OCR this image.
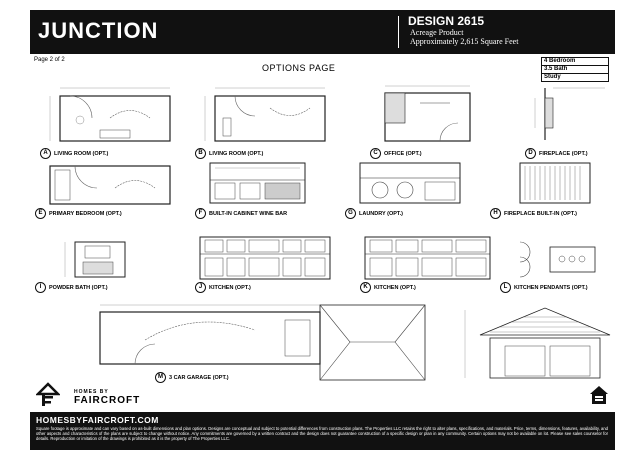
JUNCTION	DESIGN 2615
Acreage Product
Approximately 2,615 Square Feet
Page 2 of 2
OPTIONS PAGE
4 Bedroom
3.5 Bath
Study
A	LIVING ROOM (OPT.)	B	LIVING ROOM (OPT.)	C	OFFICE (OPT.)	D	FIREPLACE (OPT.)
E	PRIMARY BEDROOM (OPT.)	F	BUILT-IN CABINET WINE BAR	G	LAUNDRY (OPT.)	H	FIREPLACE BUILT-IN (OPT.)
I	POWDER BATH (OPT.)	J	KITCHEN (OPT.)	K	KITCHEN (OPT.)	L	KITCHEN PENDANTS (OPT.)
M	3 CAR GARAGE (OPT.)
HOMES BY
FAIRCROFT
HOMESBYFAIRCROFT.COM
Square footage is approximate and can vary based on as-built dimensions and plan options. Designs are conceptual and subject to potential differences from construction plans. The Properties LLC retains the right to alter plans, specifications, and materials. Price, terms, dimensions, features, availability, and other aspects and characteristics of the plans are subject to change without notice. Any commitments are governed by a written contract and the design does not guarantee construction of a specific design or plan in any community. Certain options may not be available on lot. Please see sales counselor for details. Reproduction or imitation of the drawings is prohibited as it is the property of The Properties LLC.
